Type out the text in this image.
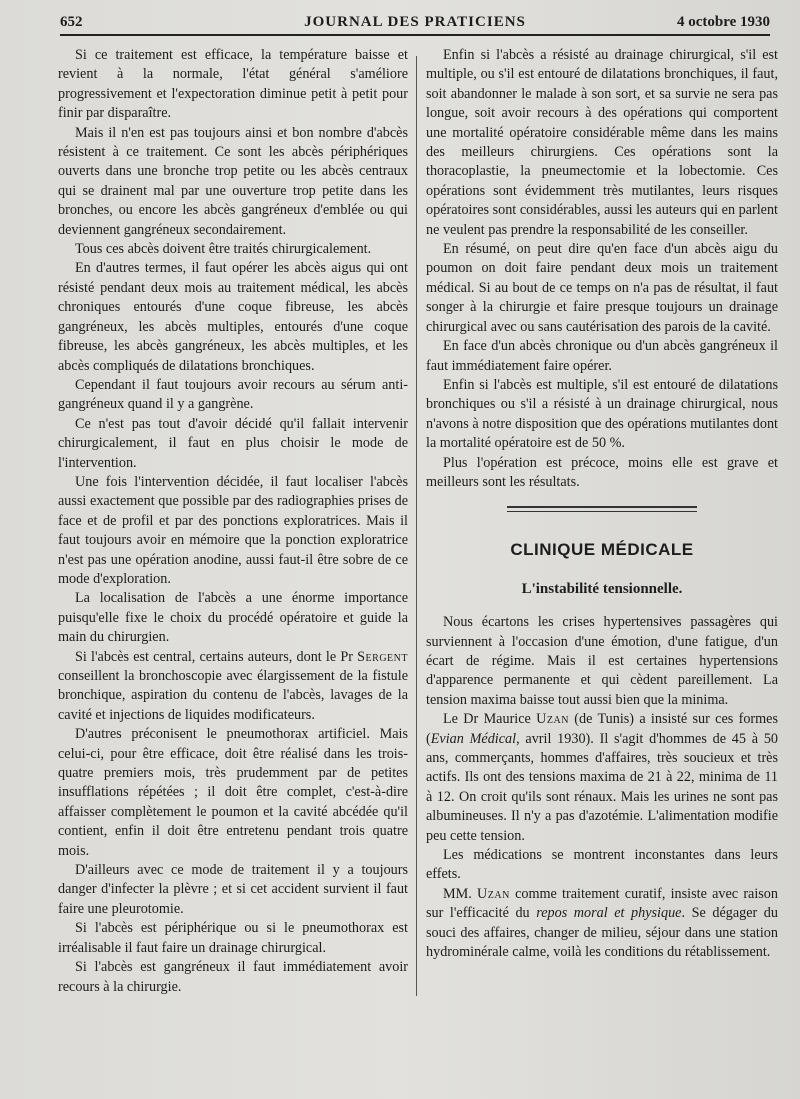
652	JOURNAL DES PRATICIENS	4 octobre 1930

Si ce traitement est efficace, la température baisse et revient à la normale, l'état général s'améliore progressivement et l'expectoration diminue petit à petit pour finir par disparaître.

Mais il n'en est pas toujours ainsi et bon nombre d'abcès résistent à ce traitement. Ce sont les abcès périphériques ouverts dans une bronche trop petite ou les abcès centraux qui se drainent mal par une ouverture trop petite dans les bronches, ou encore les abcès gangréneux d'emblée ou qui deviennent gangréneux secondairement.

Tous ces abcès doivent être traités chirurgicalement.

En d'autres termes, il faut opérer les abcès aigus qui ont résisté pendant deux mois au traitement médical, les abcès chroniques entourés d'une coque fibreuse, les abcès gangréneux, les abcès multiples, entourés d'une coque fibreuse, les abcès gangréneux, les abcès multiples, et les abcès compliqués de dilatations bronchiques.

Cependant il faut toujours avoir recours au sérum anti-gangréneux quand il y a gangrène.

Ce n'est pas tout d'avoir décidé qu'il fallait intervenir chirurgicalement, il faut en plus choisir le mode de l'intervention.

Une fois l'intervention décidée, il faut localiser l'abcès aussi exactement que possible par des radiographies prises de face et de profil et par des ponctions exploratrices. Mais il faut toujours avoir en mémoire que la ponction exploratrice n'est pas une opération anodine, aussi faut-il être sobre de ce mode d'exploration.

La localisation de l'abcès a une énorme importance puisqu'elle fixe le choix du procédé opératoire et guide la main du chirurgien.

Si l'abcès est central, certains auteurs, dont le Pr Sergent conseillent la bronchoscopie avec élargissement de la fistule bronchique, aspiration du contenu de l'abcès, lavages de la cavité et injections de liquides modificateurs.

D'autres préconisent le pneumothorax artificiel. Mais celui-ci, pour être efficace, doit être réalisé dans les trois-quatre premiers mois, très prudemment par de petites insufflations répétées ; il doit être complet, c'est-à-dire affaisser complètement le poumon et la cavité abcédée qu'il contient, enfin il doit être entretenu pendant trois quatre mois.

D'ailleurs avec ce mode de traitement il y a toujours danger d'infecter la plèvre ; et si cet accident survient il faut faire une pleurotomie.

Si l'abcès est périphérique ou si le pneumothorax est irréalisable il faut faire un drainage chirurgical.

Si l'abcès est gangréneux il faut immédiatement avoir recours à la chirurgie.

Enfin si l'abcès a résisté au drainage chirurgical, s'il est multiple, ou s'il est entouré de dilatations bronchiques, il faut, soit abandonner le malade à son sort, et sa survie ne sera pas longue, soit avoir recours à des opérations qui comportent une mortalité opératoire considérable même dans les mains des meilleurs chirurgiens. Ces opérations sont la thoracoplastie, la pneumectomie et la lobectomie. Ces opérations sont évidemment très mutilantes, leurs risques opératoires sont considérables, aussi les auteurs qui en parlent ne veulent pas prendre la responsabilité de les conseiller.

En résumé, on peut dire qu'en face d'un abcès aigu du poumon on doit faire pendant deux mois un traitement médical. Si au bout de ce temps on n'a pas de résultat, il faut songer à la chirurgie et faire presque toujours un drainage chirurgical avec ou sans cautérisation des parois de la cavité.

En face d'un abcès chronique ou d'un abcès gangréneux il faut immédiatement faire opérer.

Enfin si l'abcès est multiple, s'il est entouré de dilatations bronchiques ou s'il a résisté à un drainage chirurgical, nous n'avons à notre disposition que des opérations mutilantes dont la mortalité opératoire est de 50 %.

Plus l'opération est précoce, moins elle est grave et meilleurs sont les résultats.

CLINIQUE MÉDICALE
L'instabilité tensionnelle.

Nous écartons les crises hypertensives passagères qui surviennent à l'occasion d'une émotion, d'une fatigue, d'un écart de régime. Mais il est certaines hypertensions d'apparence permanente et qui cèdent pareillement. La tension maxima baisse tout aussi bien que la minima.

Le Dr Maurice Uzan (de Tunis) a insisté sur ces formes (Evian Médical, avril 1930). Il s'agit d'hommes de 45 à 50 ans, commerçants, hommes d'affaires, très soucieux et très actifs. Ils ont des tensions maxima de 21 à 22, minima de 11 à 12. On croit qu'ils sont rénaux. Mais les urines ne sont pas albumineuses. Il n'y a pas d'azotémie. L'alimentation modifie peu cette tension.

Les médications se montrent inconstantes dans leurs effets.

MM. Uzan comme traitement curatif, insiste avec raison sur l'efficacité du repos moral et physique. Se dégager du souci des affaires, changer de milieu, séjour dans une station hydrominérale calme, voilà les conditions du rétablissement.
